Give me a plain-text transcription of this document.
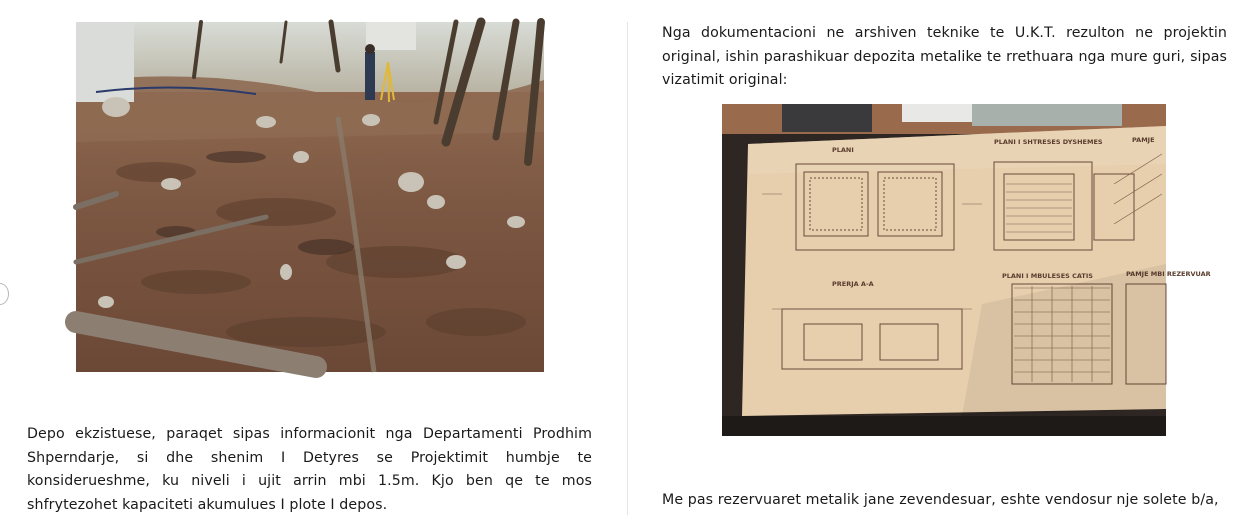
Depo ekzistuese, paraqet sipas informacionit nga Departamenti Prodhim Shperndarje, si dhe shenim I Detyres se Projektimit humbje te konsiderueshme, ku niveli i ujit arrin mbi 1.5m. Kjo ben qe te mos shfrytezohet kapaciteti akumulues I plote I depos.

Nga dokumentacioni ne arshiven teknike te U.K.T. rezulton ne projektin original, ishin parashikuar depozita metalike te rrethuara nga mure guri, sipas vizatimit original:

PLANI
PLANI I SHTRESES DYSHEMES	PAMJE
PRERJA A-A
PLANI I MBULESES CATIS	PAMJE MBI REZERVUAR

Me pas rezervuaret metalik jane zevendesuar, eshte vendosur nje solete b/a,
